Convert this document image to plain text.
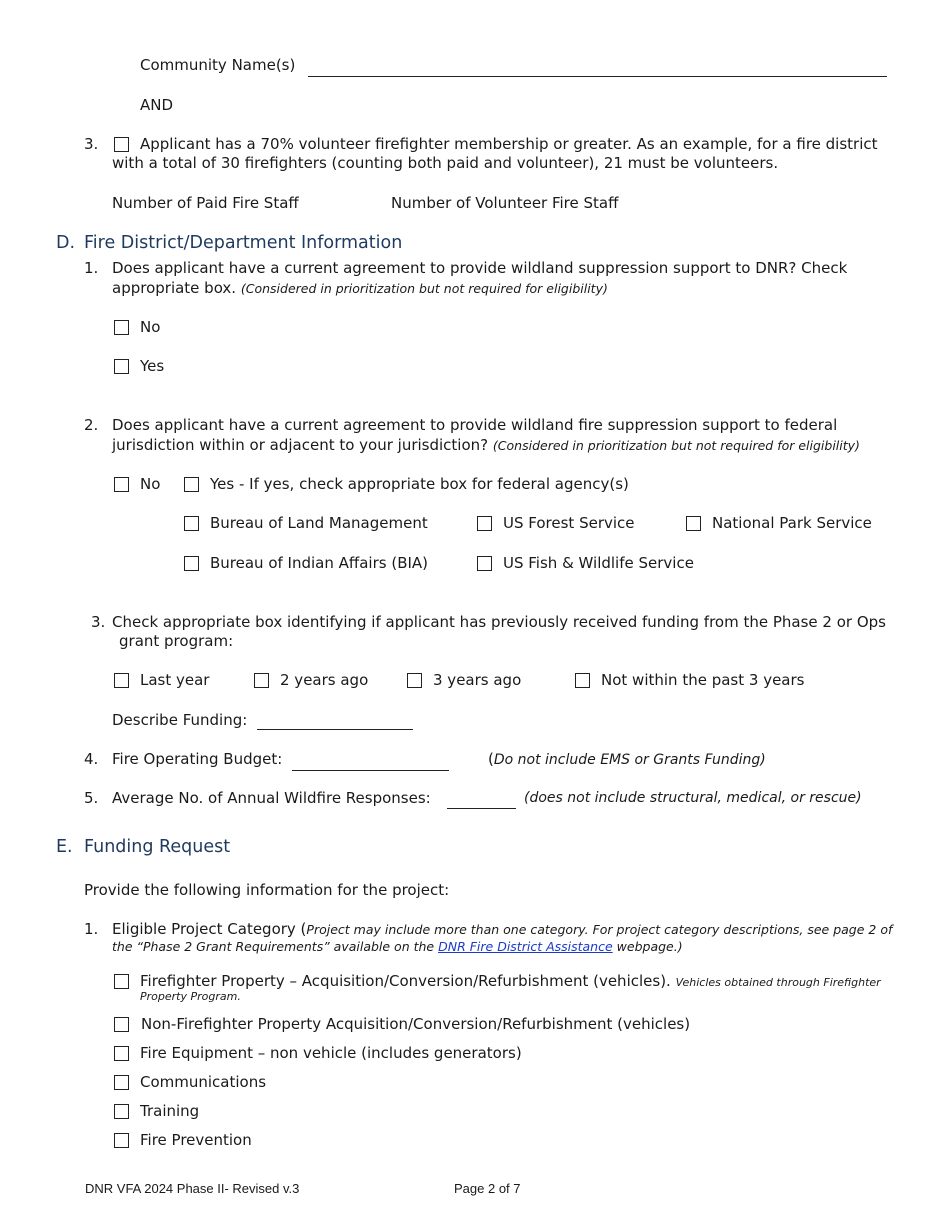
Community Name(s)
AND
3.	Applicant has a 70% volunteer firefighter membership or greater. As an example, for a fire district
with a total of 30 firefighters (counting both paid and volunteer), 21 must be volunteers.
Number of Paid Fire Staff	Number of Volunteer Fire Staff
D. Fire District/Department Information
1. Does applicant have a current agreement to provide wildland suppression support to DNR? Check
appropriate box. (Considered in prioritization but not required for eligibility)
No
Yes
2. Does applicant have a current agreement to provide wildland fire suppression support to federal
jurisdiction within or adjacent to your jurisdiction? (Considered in prioritization but not required for eligibility)
No	Yes - If yes, check appropriate box for federal agency(s)
Bureau of Land Management	US Forest Service	National Park Service
Bureau of Indian Affairs (BIA)	US Fish & Wildlife Service
3. Check appropriate box identifying if applicant has previously received funding from the Phase 2 or Ops
grant program:
Last year	2 years ago	3 years ago	Not within the past 3 years
Describe Funding:
4. Fire Operating Budget:	(Do not include EMS or Grants Funding)
5. Average No. of Annual Wildfire Responses:	(does not include structural, medical, or rescue)
E. Funding Request
Provide the following information for the project:
1. Eligible Project Category (Project may include more than one category. For project category descriptions, see page 2 of
the “Phase 2 Grant Requirements” available on the DNR Fire District Assistance webpage.)
Firefighter Property – Acquisition/Conversion/Refurbishment (vehicles). Vehicles obtained through Firefighter
Property Program.
Non-Firefighter Property Acquisition/Conversion/Refurbishment (vehicles)
Fire Equipment – non vehicle (includes generators)
Communications
Training
Fire Prevention
DNR VFA 2024 Phase II- Revised v.3	Page 2 of 7
